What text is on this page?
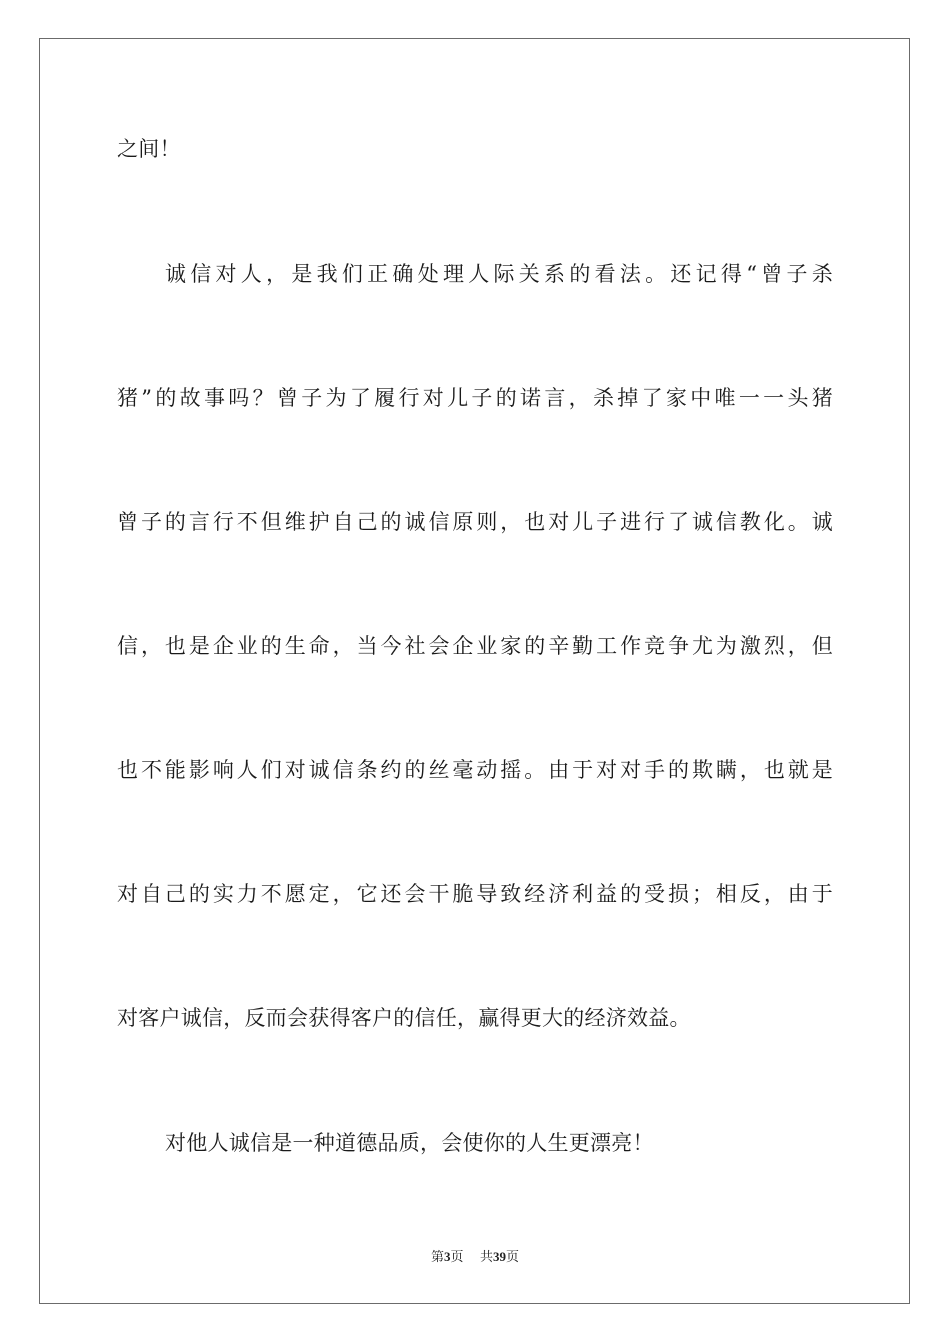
之间！
诚信对人，是我们正确处理人际关系的看法。还记得“曾子杀
猪”的故事吗？曾子为了履行对儿子的诺言，杀掉了家中唯一一头猪
曾子的言行不但维护自己的诚信原则，也对儿子进行了诚信教化。诚
信，也是企业的生命，当今社会企业家的辛勤工作竞争尤为激烈，但
也不能影响人们对诚信条约的丝毫动摇。由于对对手的欺瞒，也就是
对自己的实力不愿定，它还会干脆导致经济利益的受损；相反，由于
对客户诚信，反而会获得客户的信任，赢得更大的经济效益。
对他人诚信是一种道德品质，会使你的人生更漂亮！
第3页 共39页
